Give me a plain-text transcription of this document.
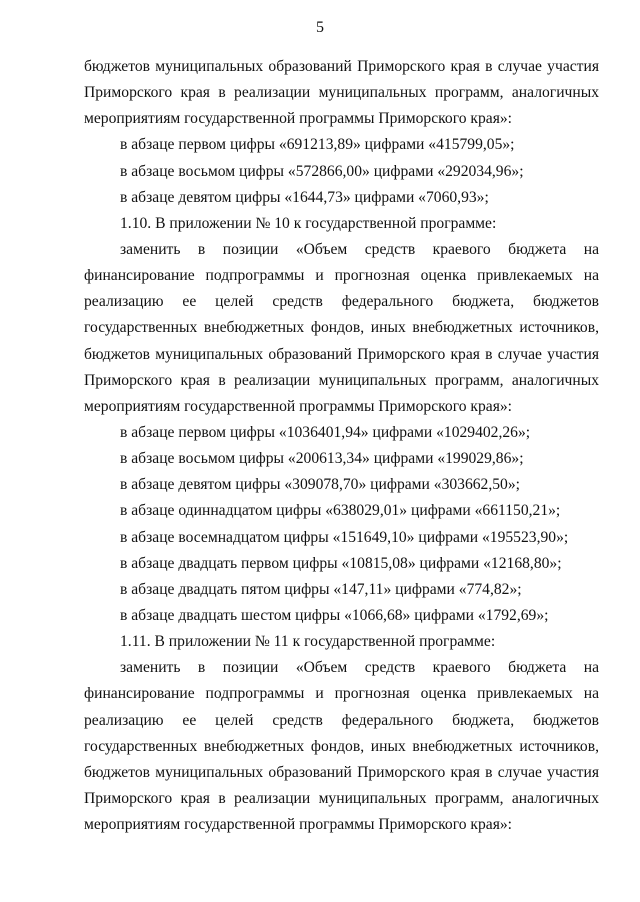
5
бюджетов муниципальных образований Приморского края в случае участия
Приморского края в реализации муниципальных программ, аналогичных
мероприятиям государственной программы Приморского края»:
в абзаце первом цифры «691213,89» цифрами «415799,05»;
в абзаце восьмом цифры «572866,00» цифрами «292034,96»;
в абзаце девятом цифры «1644,73» цифрами «7060,93»;
1.10. В приложении № 10 к государственной программе:
заменить в позиции «Объем средств краевого бюджета на
финансирование подпрограммы и прогнозная оценка привлекаемых на
реализацию ее целей средств федерального бюджета, бюджетов
государственных внебюджетных фондов, иных внебюджетных источников,
бюджетов муниципальных образований Приморского края в случае участия
Приморского края в реализации муниципальных программ, аналогичных
мероприятиям государственной программы Приморского края»:
в абзаце первом цифры «1036401,94» цифрами «1029402,26»;
в абзаце восьмом цифры «200613,34» цифрами «199029,86»;
в абзаце девятом цифры «309078,70» цифрами «303662,50»;
в абзаце одиннадцатом цифры «638029,01» цифрами «661150,21»;
в абзаце восемнадцатом цифры «151649,10» цифрами «195523,90»;
в абзаце двадцать первом цифры «10815,08» цифрами «12168,80»;
в абзаце двадцать пятом цифры «147,11» цифрами «774,82»;
в абзаце двадцать шестом цифры «1066,68» цифрами «1792,69»;
1.11. В приложении № 11 к государственной программе:
заменить в позиции «Объем средств краевого бюджета на
финансирование подпрограммы и прогнозная оценка привлекаемых на
реализацию ее целей средств федерального бюджета, бюджетов
государственных внебюджетных фондов, иных внебюджетных источников,
бюджетов муниципальных образований Приморского края в случае участия
Приморского края в реализации муниципальных программ, аналогичных
мероприятиям государственной программы Приморского края»:
